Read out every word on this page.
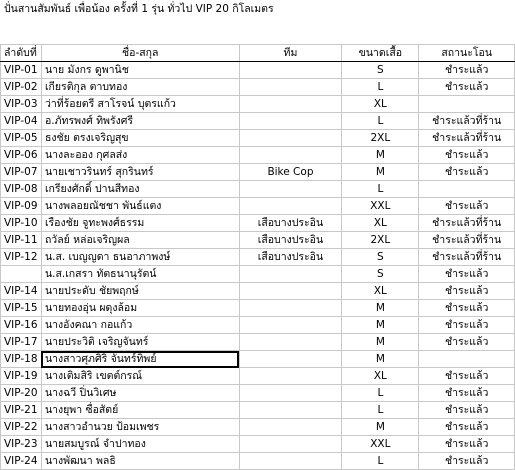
ปั่นสานสัมพันธ์ เพื่อน้อง ครั้งที่ 1 รุ่น ทั่วไป VIP 20 กิโลเมตร
ลำดับที่	ชื่อ-สกุล	ทีม	ขนาดเสื้อ	สถานะโอน
VIP-01	นาย มังกร ดูพานิช		S	ชำระแล้ว
VIP-02	เกียรติกุล ตาบทอง		L	ชำระแล้ว
VIP-03	ว่าที่ร้อยตรี สาโรจน์ บุตรแก้ว		XL	
VIP-04	อ.ภัทรพงศ์ ทิพรังศรี		L	ชำระแล้วที่ร้าน
VIP-05	ธงชัย ตรงเจริญสุข		2XL	ชำระแล้วที่ร้าน
VIP-06	นางละออง กุศลส่ง		M	ชำระแล้ว
VIP-07	นายเชาวรินทร์ สุกรินทร์	Bike Cop	M	ชำระแล้ว
VIP-08	เกรียงศักดิ์ ปานสีทอง		L	
VIP-09	นางพลอยณัชชา พันธ์แตง		XXL	ชำระแล้ว
VIP-10	เรืองชัย จูทะพงศ์ธรรม	เสือบางประอิน	XL	ชำระแล้วที่ร้าน
VIP-11	ถวัลย์ หล่อเจริญผล	เสือบางประอิน	2XL	ชำระแล้วที่ร้าน
VIP-12	น.ส. เบญญดา ธนอาภาพงษ์	เสือบางประอิน	S	ชำระแล้วที่ร้าน
	น.ส.เกสรา ทัตธนานุรัตน์		S	ชำระแล้ว
VIP-14	นายประดับ ชัยพฤกษ์		XL	ชำระแล้ว
VIP-15	นายทองอุ่น ผดุงล้อม		M	ชำระแล้ว
VIP-16	นางอังคณา กอแก้ว		M	ชำระแล้ว
VIP-17	นายประวิติ เจริญจันทร์		M	ชำระแล้ว
VIP-18	นางสาวศุภศิริ จันทร์ทิพย์		M	
VIP-19	นางเติมสิริ เขตต์กรณ์		XL	ชำระแล้ว
VIP-20	นางฉวี ปิ่นวิเศษ		L	ชำระแล้ว
VIP-21	นางยุพา ซื่อสัตย์		L	ชำระแล้ว
VIP-22	นางสาวอำนวย ป้อมเพชร		M	ชำระแล้ว
VIP-23	นายสมบูรณ์ จำปาทอง		XXL	ชำระแล้ว
VIP-24	นางพัฒนา พลธิ		L	ชำระแล้ว
